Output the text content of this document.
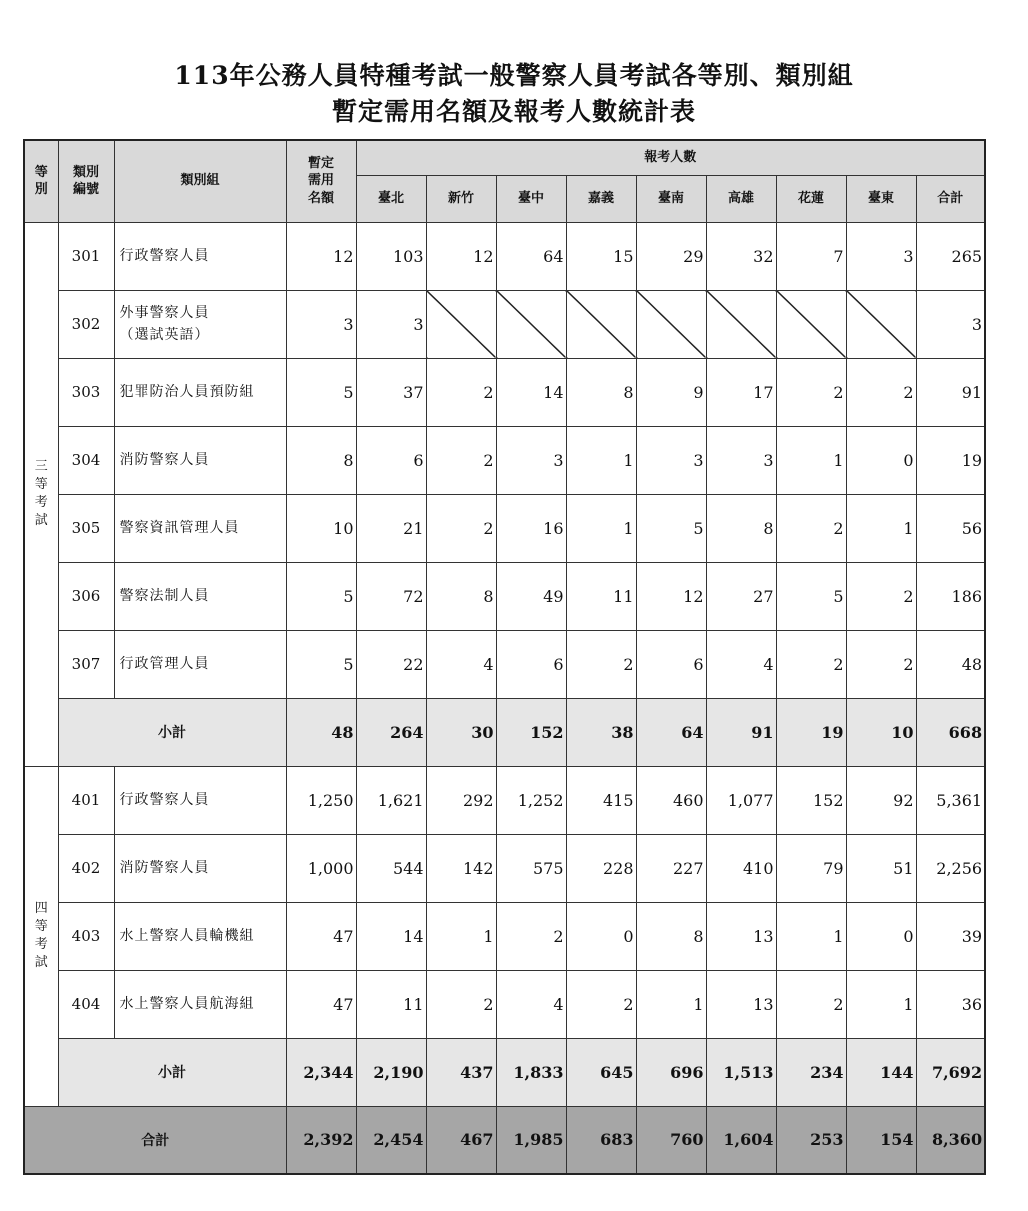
113年公務人員特種考試一般警察人員考試各等別、類別組
暫定需用名額及報考人數統計表
等
別	類別
編號	類別組	暫定
需用
名額	報考人數								
				臺北	新竹	臺中	嘉義	臺南	高雄	花蓮	臺東	合計
三
等
考
試	301	行政警察人員	12	103	12	64	15	29	32	7	3	265
	302	外事警察人員
（選試英語）	3	3								3
	303	犯罪防治人員預防組	5	37	2	14	8	9	17	2	2	91
	304	消防警察人員	8	6	2	3	1	3	3	1	0	19
	305	警察資訊管理人員	10	21	2	16	1	5	8	2	1	56
	306	警察法制人員	5	72	8	49	11	12	27	5	2	186
	307	行政管理人員	5	22	4	6	2	6	4	2	2	48
	小計		48	264	30	152	38	64	91	19	10	668
四
等
考
試	401	行政警察人員	1,250	1,621	292	1,252	415	460	1,077	152	92	5,361
	402	消防警察人員	1,000	544	142	575	228	227	410	79	51	2,256
	403	水上警察人員輪機組	47	14	1	2	0	8	13	1	0	39
	404	水上警察人員航海組	47	11	2	4	2	1	13	2	1	36
	小計		2,344	2,190	437	1,833	645	696	1,513	234	144	7,692
合計			2,392	2,454	467	1,985	683	760	1,604	253	154	8,360
